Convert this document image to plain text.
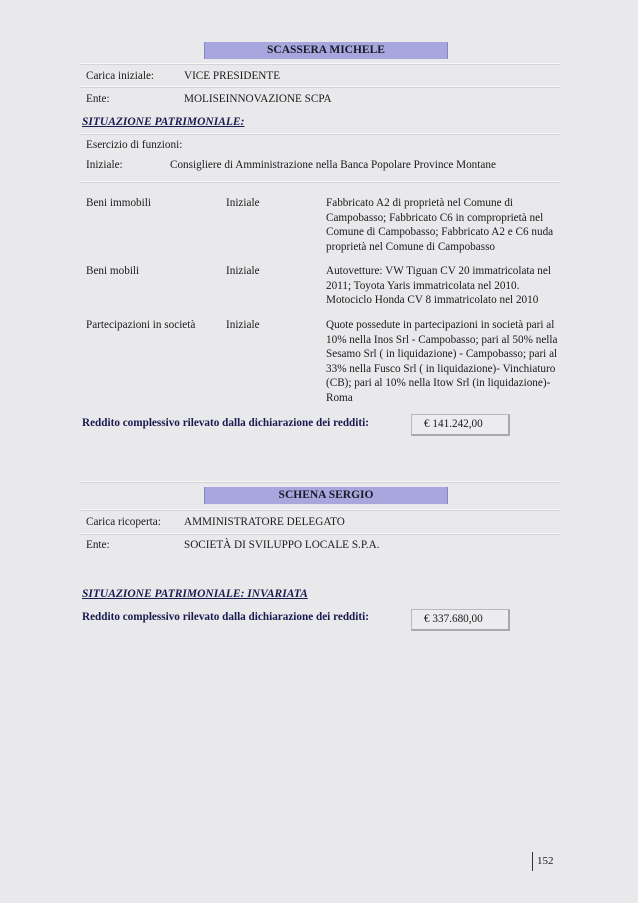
SCASSERA MICHELE
Carica iniziale:	VICE PRESIDENTE
Ente:	MOLISEINNOVAZIONE SCPA
SITUAZIONE PATRIMONIALE:
Esercizio di funzioni:
Iniziale:	Consigliere di Amministrazione nella Banca Popolare Province Montane
Beni immobili	Iniziale	Fabbricato A2 di proprietà nel Comune di Campobasso; Fabbricato C6 in comproprietà nel Comune di Campobasso; Fabbricato A2 e C6 nuda proprietà nel Comune di Campobasso
Beni mobili	Iniziale	Autovetture: VW Tiguan CV 20 immatricolata nel 2011; Toyota Yaris immatricolata nel 2010. Motociclo Honda CV 8 immatricolato nel 2010
Partecipazioni in società	Iniziale	Quote possedute in partecipazioni in società pari al 10% nella Inos Srl - Campobasso; pari al 50% nella Sesamo Srl ( in liquidazione) - Campobasso; pari al 33% nella Fusco Srl ( in liquidazione)- Vinchiaturo (CB); pari al 10% nella Itow Srl (in liquidazione)- Roma
Reddito complessivo rilevato dalla dichiarazione dei redditi:	€ 141.242,00
SCHENA SERGIO
Carica ricoperta: AMMINISTRATORE DELEGATO
Ente:	SOCIETÀ DI SVILUPPO LOCALE S.P.A.
SITUAZIONE PATRIMONIALE: INVARIATA
Reddito complessivo rilevato dalla dichiarazione dei redditi:	€ 337.680,00
152
